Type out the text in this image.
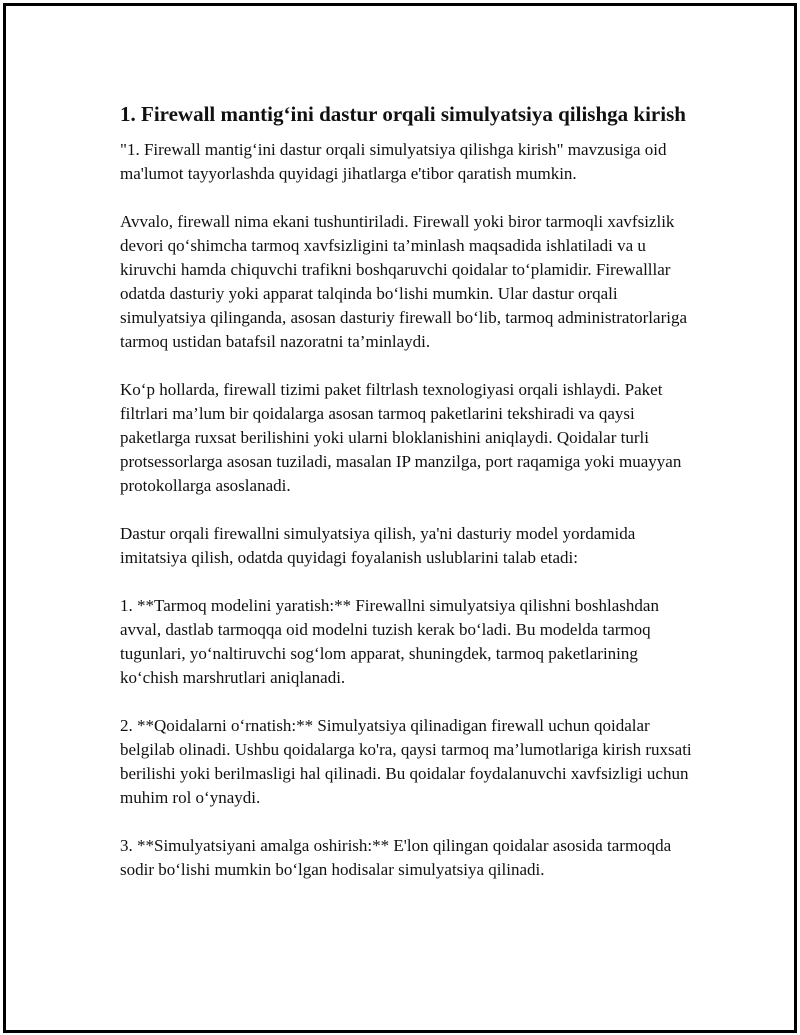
1. Firewall mantig‘ini dastur orqali simulyatsiya qilishga kirish

"1. Firewall mantig‘ini dastur orqali simulyatsiya qilishga kirish" mavzusiga oid ma'lumot tayyorlashda quyidagi jihatlarga e'tibor qaratish mumkin.

Avvalo, firewall nima ekani tushuntiriladi. Firewall yoki biror tarmoqli xavfsizlik devori qo‘shimcha tarmoq xavfsizligini ta’minlash maqsadida ishlatiladi va u kiruvchi hamda chiquvchi trafikni boshqaruvchi qoidalar to‘plamidir. Firewalllar odatda dasturiy yoki apparat talqinda bo‘lishi mumkin. Ular dastur orqali simulyatsiya qilinganda, asosan dasturiy firewall bo‘lib, tarmoq administratorlariga tarmoq ustidan batafsil nazoratni ta’minlaydi.

Ko‘p hollarda, firewall tizimi paket filtrlash texnologiyasi orqali ishlaydi. Paket filtrlari ma’lum bir qoidalarga asosan tarmoq paketlarini tekshiradi va qaysi paketlarga ruxsat berilishini yoki ularni bloklanishini aniqlaydi. Qoidalar turli protsessorlarga asosan tuziladi, masalan IP manzilga, port raqamiga yoki muayyan protokollarga asoslanadi.

Dastur orqali firewallni simulyatsiya qilish, ya'ni dasturiy model yordamida imitatsiya qilish, odatda quyidagi foyalanish uslublarini talab etadi:

1. **Tarmoq modelini yaratish:** Firewallni simulyatsiya qilishni boshlashdan avval, dastlab tarmoqqa oid modelni tuzish kerak bo‘ladi. Bu modelda tarmoq tugunlari, yo‘naltiruvchi sog‘lom apparat, shuningdek, tarmoq paketlarining ko‘chish marshrutlari aniqlanadi.

2. **Qoidalarni o‘rnatish:** Simulyatsiya qilinadigan firewall uchun qoidalar belgilab olinadi. Ushbu qoidalarga ko'ra, qaysi tarmoq ma’lumotlariga kirish ruxsati berilishi yoki berilmasligi hal qilinadi. Bu qoidalar foydalanuvchi xavfsizligi uchun muhim rol o‘ynaydi.

3. **Simulyatsiyani amalga oshirish:** E'lon qilingan qoidalar asosida tarmoqda sodir bo‘lishi mumkin bo‘lgan hodisalar simulyatsiya qilinadi.
